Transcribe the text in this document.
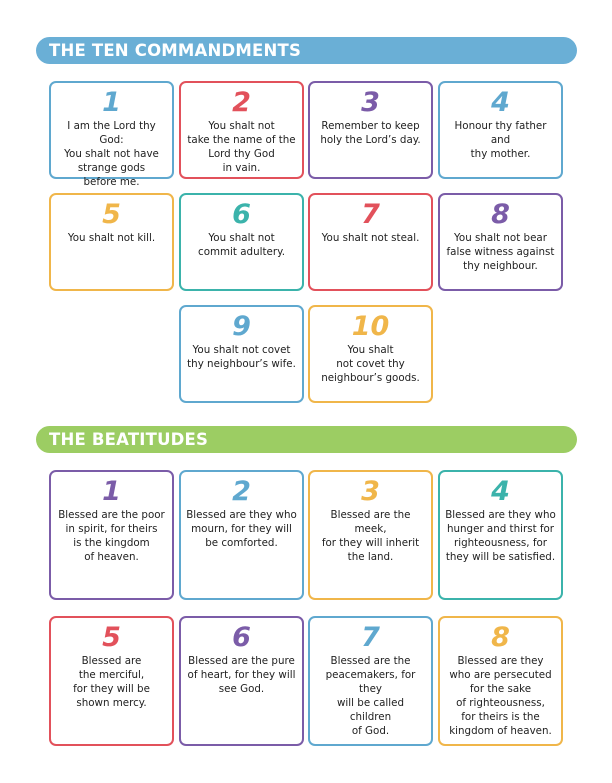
THE TEN COMMANDMENTS
1
I am the Lord thy God:
You shalt not have
strange gods
before me.
2
You shalt not
take the name of the
Lord thy God
in vain.
3
Remember to keep
holy the Lord’s day.
4
Honour thy father and
thy mother.
5
You shalt not kill.
6
You shalt not
commit adultery.
7
You shalt not steal.
8
You shalt not bear
false witness against
thy neighbour.
9
You shalt not covet
thy neighbour’s wife.
10
You shalt
not covet thy
neighbour’s goods.
THE BEATITUDES
1
Blessed are the poor
in spirit, for theirs
is the kingdom
of heaven.
2
Blessed are they who
mourn, for they will
be comforted.
3
Blessed are the meek,
for they will inherit
the land.
4
Blessed are they who
hunger and thirst for
righteousness, for
they will be satisfied.
5
Blessed are
the merciful,
for they will be
shown mercy.
6
Blessed are the pure
of heart, for they will
see God.
7
Blessed are the
peacemakers, for they
will be called children
of God.
8
Blessed are they
who are persecuted
for the sake
of righteousness,
for theirs is the
kingdom of heaven.
